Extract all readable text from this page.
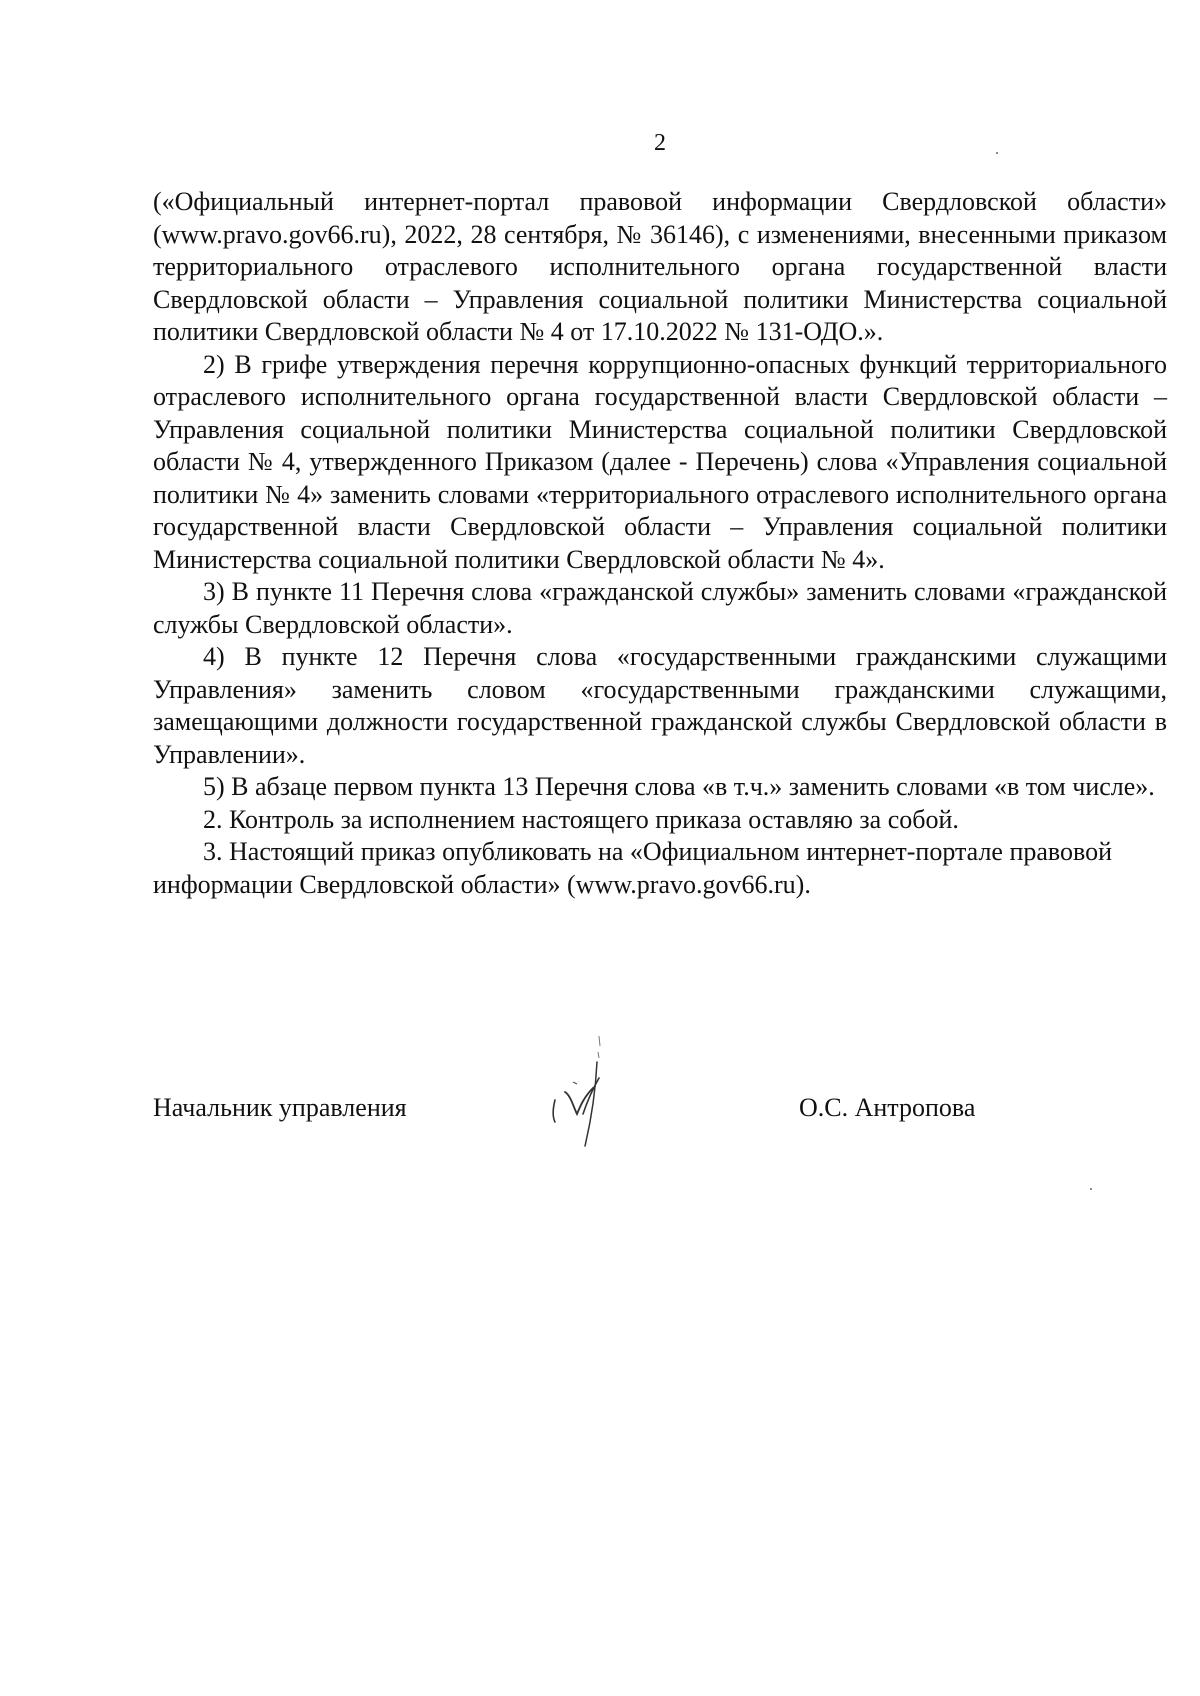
2

(«Официальный интернет-портал правовой информации Свердловской области» (www.pravo.gov66.ru), 2022, 28 сентября, № 36146), с изменениями, внесенными приказом территориального отраслевого исполнительного органа государственной власти Свердловской области – Управления социальной политики Министерства социальной политики Свердловской области № 4 от 17.10.2022 № 131-ОДО.».

2) В грифе утверждения перечня коррупционно-опасных функций территориального отраслевого исполнительного органа государственной власти Свердловской области – Управления социальной политики Министерства социальной политики Свердловской области № 4, утвержденного Приказом (далее - Перечень) слова «Управления социальной политики № 4» заменить словами «территориального отраслевого исполнительного органа государственной власти Свердловской области – Управления социальной политики Министерства социальной политики Свердловской области № 4».

3) В пункте 11 Перечня слова «гражданской службы» заменить словами «гражданской службы Свердловской области».

4) В пункте 12 Перечня слова «государственными гражданскими служащими Управления» заменить словом «государственными гражданскими служащими, замещающими должности государственной гражданской службы Свердловской области в Управлении».

5) В абзаце первом пункта 13 Перечня слова «в т.ч.» заменить словами «в том числе».

2. Контроль за исполнением настоящего приказа оставляю за собой.

3. Настоящий приказ опубликовать на «Официальном интернет-портале правовой информации Свердловской области» (www.pravo.gov66.ru).

Начальник управления	О.С. Антропова
